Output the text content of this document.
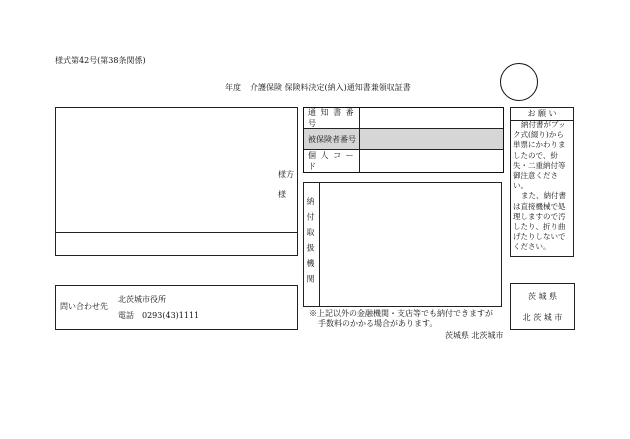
様式第42号(第38条関係)
年度 介護保険 保険料決定(納入)通知書兼領収証書
様方
様
通 知 書 番 号
被保険者番号
個 人 コ ー ド
納付取扱機関
※上記以外の金融機関・支店等でも納付できますが
手数料のかかる場合があります。
お 願 い
納付書がブッ
ク式(綴り)から
単票にかわりま
したので、紛
失・二重納付等
御注意くださ
い。
また、納付書
は直接機械で処
理しますので汚
したり、折り曲
げたりしないで
ください。
問い合わせ先
北茨城市役所
電話　0293(43)1111
茨 城 県
北 茨 城 市
茨城県 北茨城市
